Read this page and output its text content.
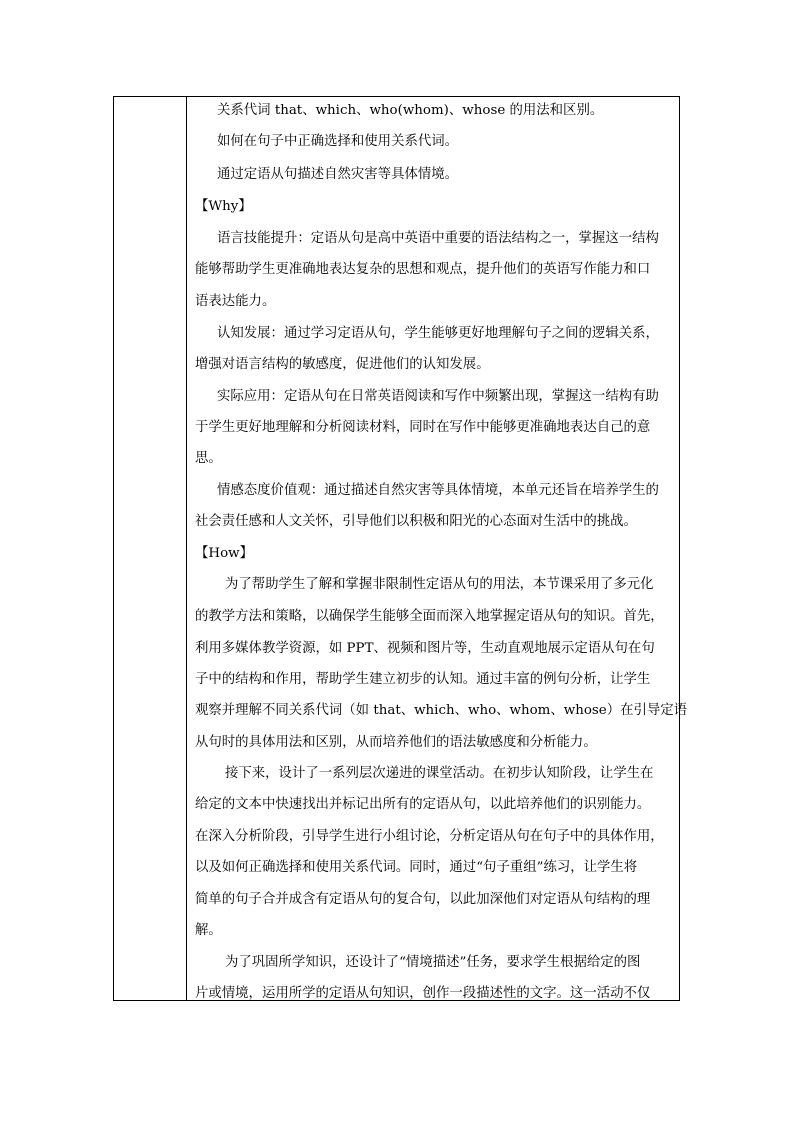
关系代词 that、which、who(whom)、whose 的用法和区别。
如何在句子中正确选择和使用关系代词。
通过定语从句描述自然灾害等具体情境。
【Why】
语言技能提升：定语从句是高中英语中重要的语法结构之一，掌握这一结构
能够帮助学生更准确地表达复杂的思想和观点，提升他们的英语写作能力和口
语表达能力。
认知发展：通过学习定语从句，学生能够更好地理解句子之间的逻辑关系，
增强对语言结构的敏感度，促进他们的认知发展。
实际应用：定语从句在日常英语阅读和写作中频繁出现，掌握这一结构有助
于学生更好地理解和分析阅读材料，同时在写作中能够更准确地表达自己的意
思。
情感态度价值观：通过描述自然灾害等具体情境，本单元还旨在培养学生的
社会责任感和人文关怀，引导他们以积极和阳光的心态面对生活中的挑战。
【How】
为了帮助学生了解和掌握非限制性定语从句的用法，本节课采用了多元化
的教学方法和策略，以确保学生能够全面而深入地掌握定语从句的知识。首先，
利用多媒体教学资源，如 PPT、视频和图片等，生动直观地展示定语从句在句
子中的结构和作用，帮助学生建立初步的认知。通过丰富的例句分析，让学生
观察并理解不同关系代词（如 that、which、who、whom、whose）在引导定语
从句时的具体用法和区别，从而培养他们的语法敏感度和分析能力。
接下来，设计了一系列层次递进的课堂活动。在初步认知阶段，让学生在
给定的文本中快速找出并标记出所有的定语从句，以此培养他们的识别能力。
在深入分析阶段，引导学生进行小组讨论，分析定语从句在句子中的具体作用，
以及如何正确选择和使用关系代词。同时，通过“句子重组”练习，让学生将
简单的句子合并成含有定语从句的复合句，以此加深他们对定语从句结构的理
解。
为了巩固所学知识，还设计了“情境描述”任务，要求学生根据给定的图
片或情境，运用所学的定语从句知识，创作一段描述性的文字。这一活动不仅
